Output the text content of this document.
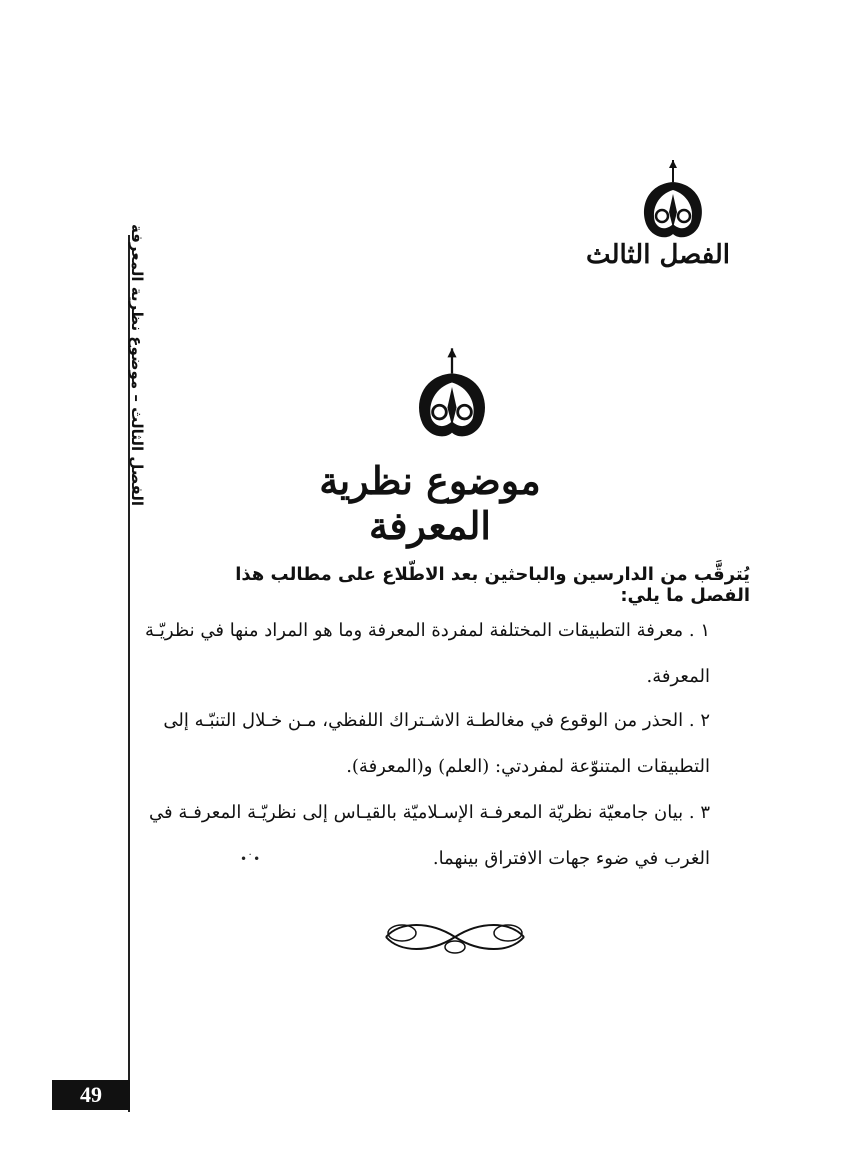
الفصل الثالث – موضوع نظرية المعرفة
49
الفصل الثالث
موضوع نظرية المعرفة
يُترقَّب من الدارسين والباحثين بعد الاطّلاع على مطالب هذا الفصل ما يلي:
١ . معرفة التطبيقات المختلفة لمفردة المعرفة وما هو المراد منها في نظريّـة
المعرفة.
٢ . الحذر من الوقوع في مغالطـة الاشـتراك اللفظي، مـن خـلال التنبّـه إلى
التطبيقات المتنوّعة لمفردتي: (العلم) و(المعرفة).
٣ . بيان جامعيّة نظريّة المعرفـة الإسـلاميّة بالقيـاس إلى نظريّـة المعرفـة في
الغرب في ضوء جهات الافتراق بينهما.
•˙•
